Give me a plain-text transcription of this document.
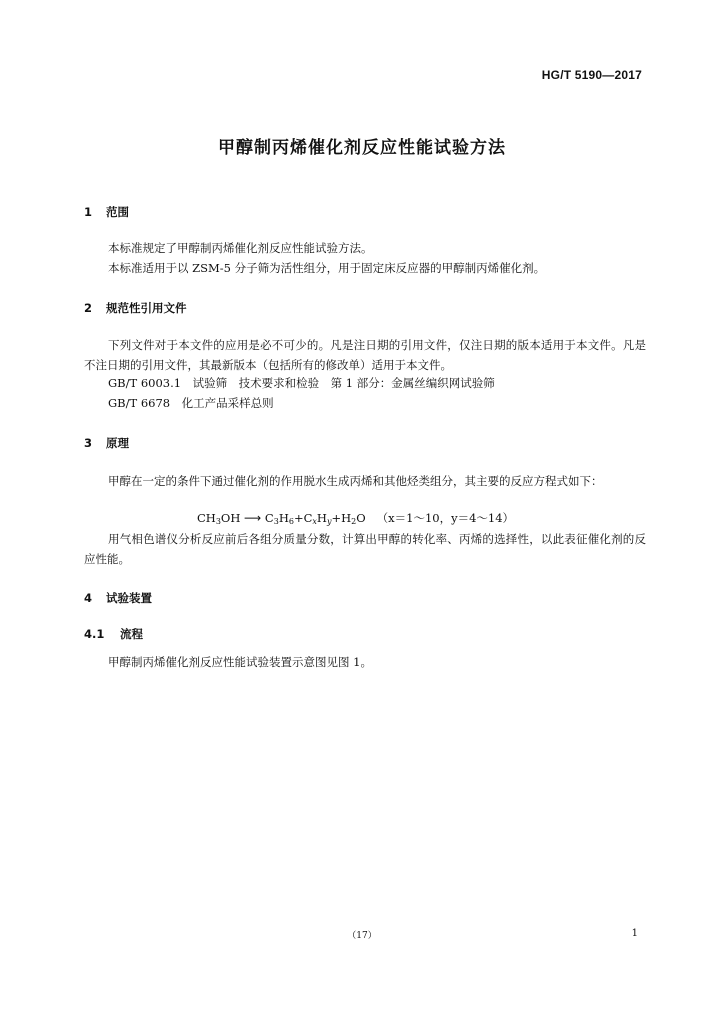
HG/T 5190—2017
甲醇制丙烯催化剂反应性能试验方法
1 范围
本标准规定了甲醇制丙烯催化剂反应性能试验方法。
本标准适用于以 ZSM-5 分子筛为活性组分，用于固定床反应器的甲醇制丙烯催化剂。
2 规范性引用文件
下列文件对于本文件的应用是必不可少的。凡是注日期的引用文件，仅注日期的版本适用于本文件。凡是不注日期的引用文件，其最新版本（包括所有的修改单）适用于本文件。
GB/T 6003.1　试验筛　技术要求和检验　第 1 部分：金属丝编织网试验筛
GB/T 6678　化工产品采样总则
3 原理
甲醇在一定的条件下通过催化剂的作用脱水生成丙烯和其他烃类组分，其主要的反应方程式如下：
$CH_3OH$ ⟶ $C_3H_6+C_xH_y+H_2O$ （x＝1～10，y＝4～14）
用气相色谱仪分析反应前后各组分质量分数，计算出甲醇的转化率、丙烯的选择性，以此表征催化剂的反应性能。
4 试验装置
4.1 流程
甲醇制丙烯催化剂反应性能试验装置示意图见图 1。
（17）	1
